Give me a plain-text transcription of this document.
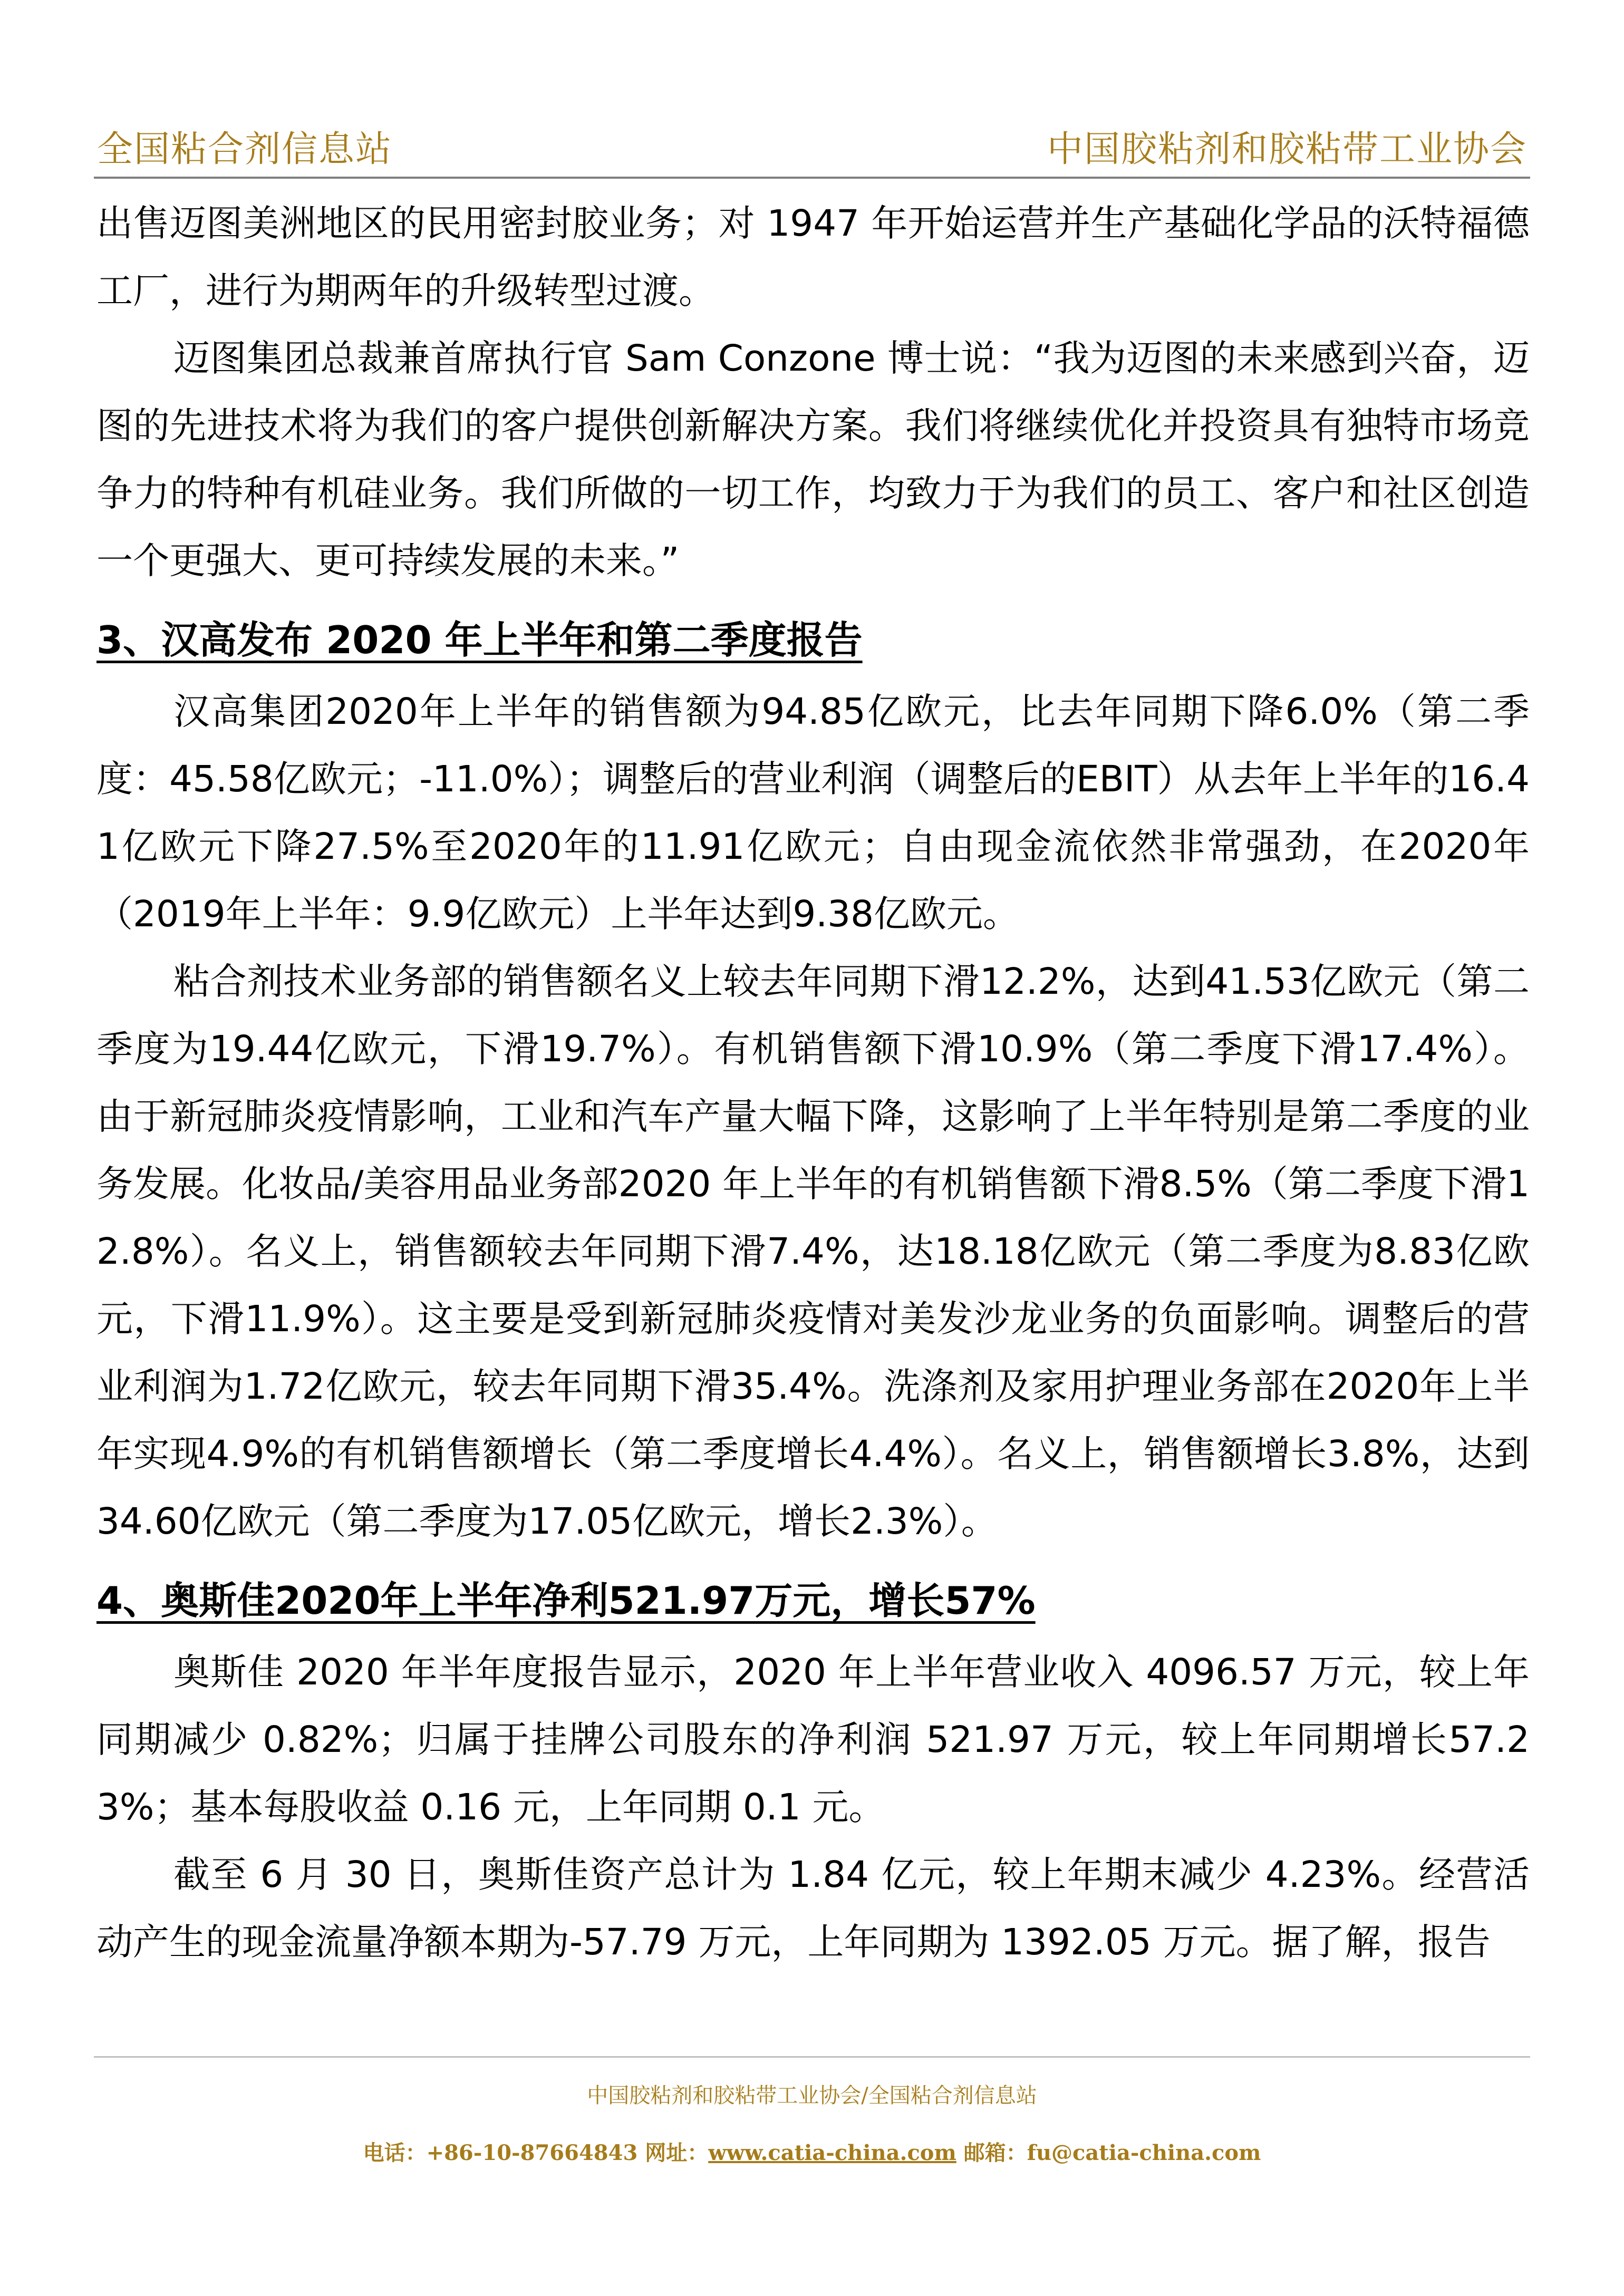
全国粘合剂信息站	中国胶粘剂和胶粘带工业协会

出售迈图美洲地区的民用密封胶业务；对 1947 年开始运营并生产基础化学品的沃特福德工厂，进行为期两年的升级转型过渡。

迈图集团总裁兼首席执行官 Sam Conzone 博士说：“我为迈图的未来感到兴奋，迈图的先进技术将为我们的客户提供创新解决方案。我们将继续优化并投资具有独特市场竞争力的特种有机硅业务。我们所做的一切工作，均致力于为我们的员工、客户和社区创造一个更强大、更可持续发展的未来。”

3、汉高发布 2020 年上半年和第二季度报告

汉高集团2020年上半年的销售额为94.85亿欧元，比去年同期下降6.0%（第二季度：45.58亿欧元；-11.0%）；调整后的营业利润（调整后的EBIT）从去年上半年的16.41亿欧元下降27.5%至2020年的11.91亿欧元；自由现金流依然非常强劲，在2020年（2019年上半年：9.9亿欧元）上半年达到9.38亿欧元。

粘合剂技术业务部的销售额名义上较去年同期下滑12.2%，达到41.53亿欧元（第二季度为19.44亿欧元，下滑19.7%）。有机销售额下滑10.9%（第二季度下滑17.4%）。由于新冠肺炎疫情影响，工业和汽车产量大幅下降，这影响了上半年特别是第二季度的业务发展。化妆品/美容用品业务部2020 年上半年的有机销售额下滑8.5%（第二季度下滑12.8%）。名义上，销售额较去年同期下滑7.4%，达18.18亿欧元（第二季度为8.83亿欧元，下滑11.9%）。这主要是受到新冠肺炎疫情对美发沙龙业务的负面影响。调整后的营业利润为1.72亿欧元，较去年同期下滑35.4%。洗涤剂及家用护理业务部在2020年上半年实现4.9%的有机销售额增长（第二季度增长4.4%）。名义上，销售额增长3.8%，达到34.60亿欧元（第二季度为17.05亿欧元，增长2.3%）。

4、奥斯佳2020年上半年净利521.97万元，增长57%

奥斯佳 2020 年半年度报告显示，2020 年上半年营业收入 4096.57 万元，较上年同期减少 0.82%；归属于挂牌公司股东的净利润 521.97 万元，较上年同期增长57.23%；基本每股收益 0.16 元，上年同期 0.1 元。

截至 6 月 30 日，奥斯佳资产总计为 1.84 亿元，较上年期末减少 4.23%。经营活动产生的现金流量净额本期为-57.79 万元，上年同期为 1392.05 万元。据了解，报告

中国胶粘剂和胶粘带工业协会/全国粘合剂信息站
电话：+86-10-87664843 网址：www.catia-china.com 邮箱：fu@catia-china.com
